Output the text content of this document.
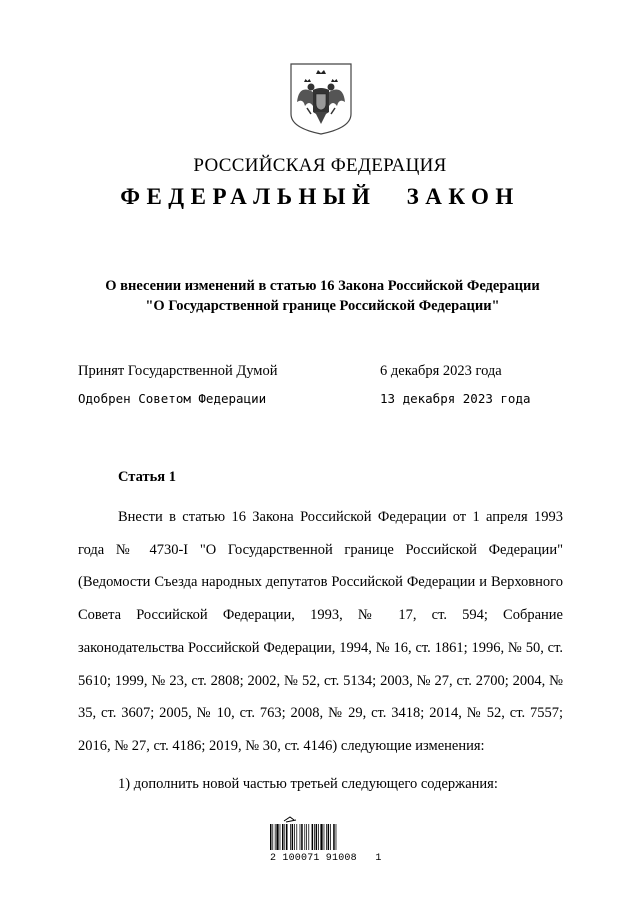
РОССИЙСКАЯ ФЕДЕРАЦИЯ
ФЕДЕРАЛЬНЫЙ ЗАКОН
О внесении изменений в статью 16 Закона Российской Федерации
"О Государственной границе Российской Федерации"
Принят Государственной Думой	6 декабря 2023 года
Одобрен Советом Федерации	13 декабря 2023 года
Статья 1

Внести в статью 16 Закона Российской Федерации от 1 апреля 1993 года № 4730-I "О Государственной границе Российской Федерации" (Ведомости Съезда народных депутатов Российской Федерации и Верховного Совета Российской Федерации, 1993, № 17, ст. 594; Собрание законодательства Российской Федерации, 1994, № 16, ст. 1861; 1996, № 50, ст. 5610; 1999, № 23, ст. 2808; 2002, № 52, ст. 5134; 2003, № 27, ст. 2700; 2004, № 35, ст. 3607; 2005, № 10, ст. 763; 2008, № 29, ст. 3418; 2014, № 52, ст. 7557; 2016, № 27, ст. 4186; 2019, № 30, ст. 4146) следующие изменения:

1) дополнить новой частью третьей следующего содержания:
2 100071 91008   1
